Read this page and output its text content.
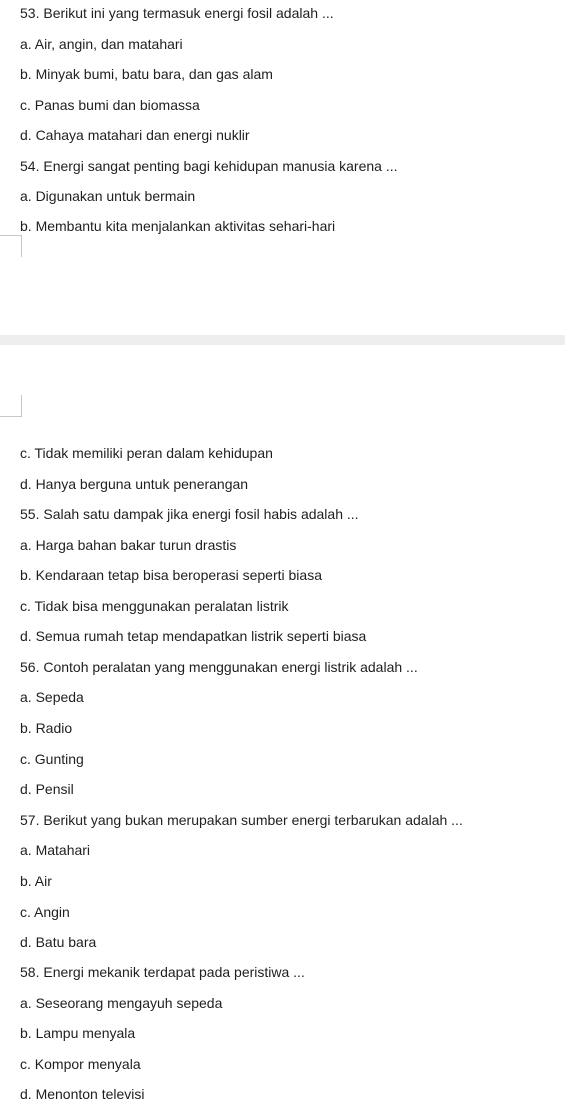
53. Berikut ini yang termasuk energi fosil adalah ...
a. Air, angin, dan matahari
b. Minyak bumi, batu bara, dan gas alam
c. Panas bumi dan biomassa
d. Cahaya matahari dan energi nuklir
54. Energi sangat penting bagi kehidupan manusia karena ...
a. Digunakan untuk bermain
b. Membantu kita menjalankan aktivitas sehari-hari
c. Tidak memiliki peran dalam kehidupan
d. Hanya berguna untuk penerangan
55. Salah satu dampak jika energi fosil habis adalah ...
a. Harga bahan bakar turun drastis
b. Kendaraan tetap bisa beroperasi seperti biasa
c. Tidak bisa menggunakan peralatan listrik
d. Semua rumah tetap mendapatkan listrik seperti biasa
56. Contoh peralatan yang menggunakan energi listrik adalah ...
a. Sepeda
b. Radio
c. Gunting
d. Pensil
57. Berikut yang bukan merupakan sumber energi terbarukan adalah ...
a. Matahari
b. Air
c. Angin
d. Batu bara
58. Energi mekanik terdapat pada peristiwa ...
a. Seseorang mengayuh sepeda
b. Lampu menyala
c. Kompor menyala
d. Menonton televisi
